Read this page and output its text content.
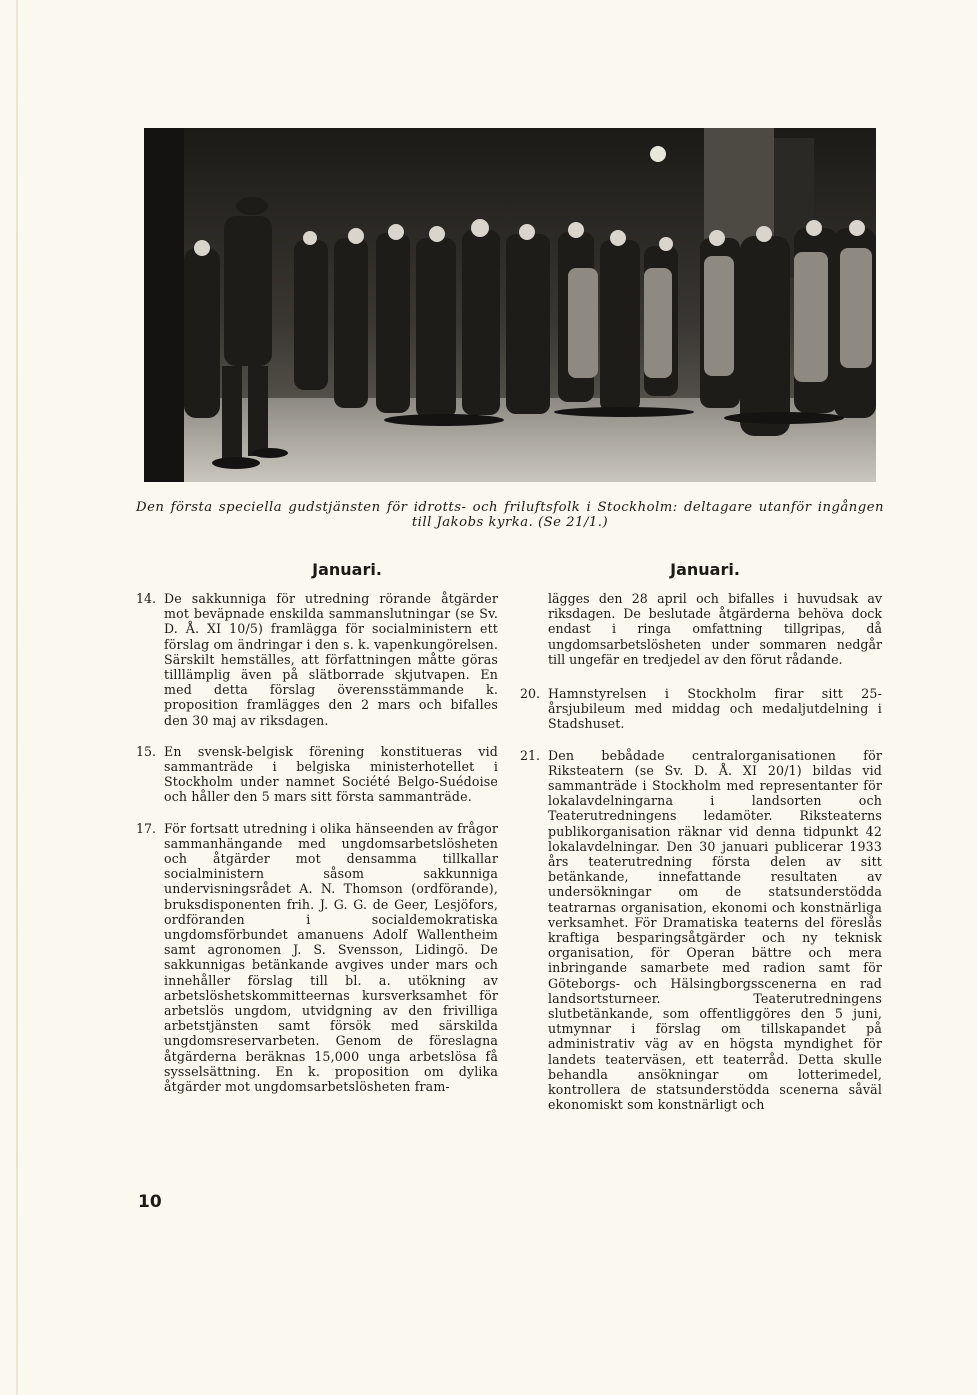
Den första speciella gudstjänsten för idrotts- och friluftsfolk i Stockholm: deltagare utanför ingången till Jakobs kyrka. (Se 21/1.)
Januari.
14. De sakkunniga för utredning rörande åtgärder mot beväpnade enskilda sammanslutningar (se Sv. D. Å. XI 10/5) framlägga för socialministern ett förslag om ändringar i den s. k. vapenkungörelsen. Särskilt hemställes, att författningen måtte göras tilllämplig även på slätborrade skjutvapen. En med detta förslag överensstämmande k. proposition framlägges den 2 mars och bifalles den 30 maj av riksdagen.

15. En svensk-belgisk förening konstitueras vid sammanträde i belgiska ministerhotellet i Stockholm under namnet Société Belgo-Suédoise och håller den 5 mars sitt första sammanträde.

17. För fortsatt utredning i olika hänseenden av frågor sammanhängande med ungdomsarbetslösheten och åtgärder mot densamma tillkallar socialministern såsom sakkunniga undervisningsrådet A. N. Thomson (ordförande), bruksdisponenten frih. J. G. G. de Geer, Lesjöfors, ordföranden i socialdemokratiska ungdomsförbundet amanuens Adolf Wallentheim samt agronomen J. S. Svensson, Lidingö. De sakkunnigas betänkande avgives under mars och innehåller förslag till bl. a. utökning av arbetslöshetskommitteernas kursverksamhet för arbetslös ungdom, utvidgning av den frivilliga arbetstjänsten samt försök med särskilda ungdomsreservarbeten. Genom de föreslagna åtgärderna beräknas 15,000 unga arbetslösa få sysselsättning. En k. proposition om dylika åtgärder mot ungdomsarbetslösheten fram-

Januari.

lägges den 28 april och bifalles i huvudsak av riksdagen. De beslutade åtgärderna behöva dock endast i ringa omfattning tillgripas, då ungdomsarbetslösheten under sommaren nedgår till ungefär en tredjedel av den förut rådande.

20. Hamnstyrelsen i Stockholm firar sitt 25-årsjubileum med middag och medaljutdelning i Stadshuset.

21. Den bebådade centralorganisationen för Riksteatern (se Sv. D. Å. XI 20/1) bildas vid sammanträde i Stockholm med representanter för lokalavdelningarna i landsorten och Teaterutredningens ledamöter. Riksteaterns publikorganisation räknar vid denna tidpunkt 42 lokalavdelningar. Den 30 januari publicerar 1933 års teaterutredning första delen av sitt betänkande, innefattande resultaten av undersökningar om de statsunderstödda teatrarnas organisation, ekonomi och konstnärliga verksamhet. För Dramatiska teaterns del föreslås kraftiga besparingsåtgärder och ny teknisk organisation, för Operan bättre och mera inbringande samarbete med radion samt för Göteborgs- och Hälsingborgsscenerna en rad landsortsturneer. Teaterutredningens slutbetänkande, som offentliggöres den 5 juni, utmynnar i förslag om tillskapandet på administrativ väg av en högsta myndighet för landets teaterväsen, ett teaterråd. Detta skulle behandla ansökningar om lotterimedel, kontrollera de statsunderstödda scenerna såväl ekonomiskt som konstnärligt och

10
